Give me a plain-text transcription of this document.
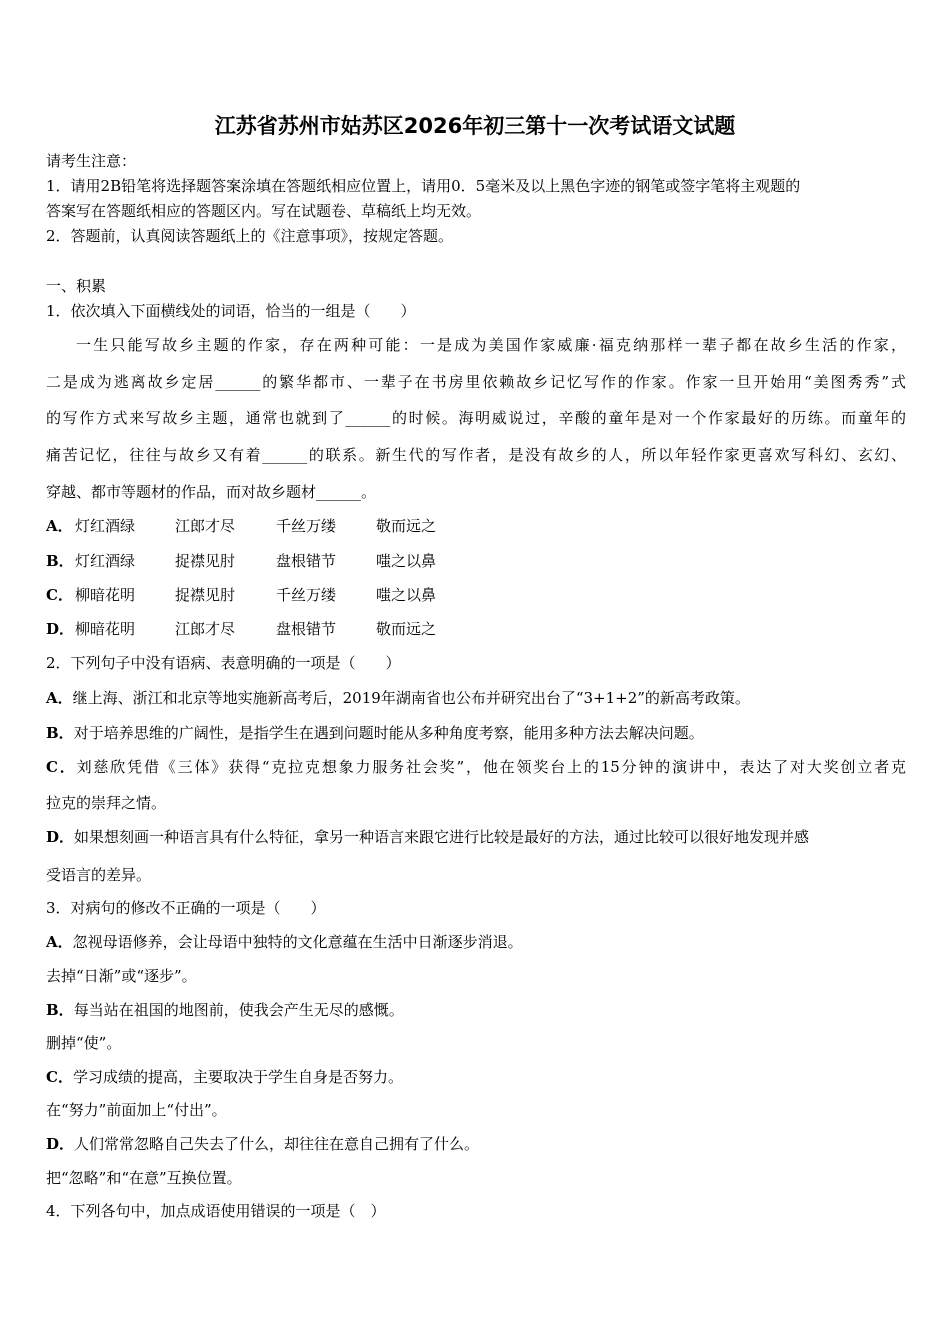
江苏省苏州市姑苏区2026年初三第十一次考试语文试题
请考生注意：
1．请用2B铅笔将选择题答案涂填在答题纸相应位置上，请用0．5毫米及以上黑色字迹的钢笔或签字笔将主观题的
答案写在答题纸相应的答题区内。写在试题卷、草稿纸上均无效。
2．答题前，认真阅读答题纸上的《注意事项》，按规定答题。
一、积累
1．依次填入下面横线处的词语，恰当的一组是（　　）
一生只能写故乡主题的作家，存在两种可能：一是成为美国作家威廉·福克纳那样一辈子都在故乡生活的作家，
二是成为逃离故乡定居______的繁华都市、一辈子在书房里依赖故乡记忆写作的作家。作家一旦开始用“美图秀秀”式
的写作方式来写故乡主题，通常也就到了______的时候。海明威说过，辛酸的童年是对一个作家最好的历练。而童年的
痛苦记忆，往往与故乡又有着______的联系。新生代的写作者，是没有故乡的人，所以年轻作家更喜欢写科幻、玄幻、
穿越、都市等题材的作品，而对故乡题材______。
A． 灯红酒绿	江郎才尽	千丝万缕	敬而远之
B． 灯红酒绿	捉襟见肘	盘根错节	嗤之以鼻
C． 柳暗花明	捉襟见肘	千丝万缕	嗤之以鼻
D． 柳暗花明	江郎才尽	盘根错节	敬而远之
2．下列句子中没有语病、表意明确的一项是（　　）
A．继上海、浙江和北京等地实施新高考后，2019年湖南省也公布并研究出台了“3+1+2”的新高考政策。
B．对于培养思维的广阔性，是指学生在遇到问题时能从多种角度考察，能用多种方法去解决问题。
C．刘慈欣凭借《三体》获得“克拉克想象力服务社会奖”，他在领奖台上的15分钟的演讲中，表达了对大奖创立者克
拉克的崇拜之情。
D．如果想刻画一种语言具有什么特征，拿另一种语言来跟它进行比较是最好的方法，通过比较可以很好地发现并感
受语言的差异。
3．对病句的修改不正确的一项是（　　）
A．忽视母语修养，会让母语中独特的文化意蕴在生活中日渐逐步消退。
去掉“日渐”或“逐步”。
B．每当站在祖国的地图前，使我会产生无尽的感慨。
删掉“使”。
C．学习成绩的提高，主要取决于学生自身是否努力。
在“努力”前面加上“付出”。
D．人们常常忽略自己失去了什么，却往往在意自己拥有了什么。
把“忽略”和“在意”互换位置。
4．下列各句中，加点成语使用错误的一项是（　）
